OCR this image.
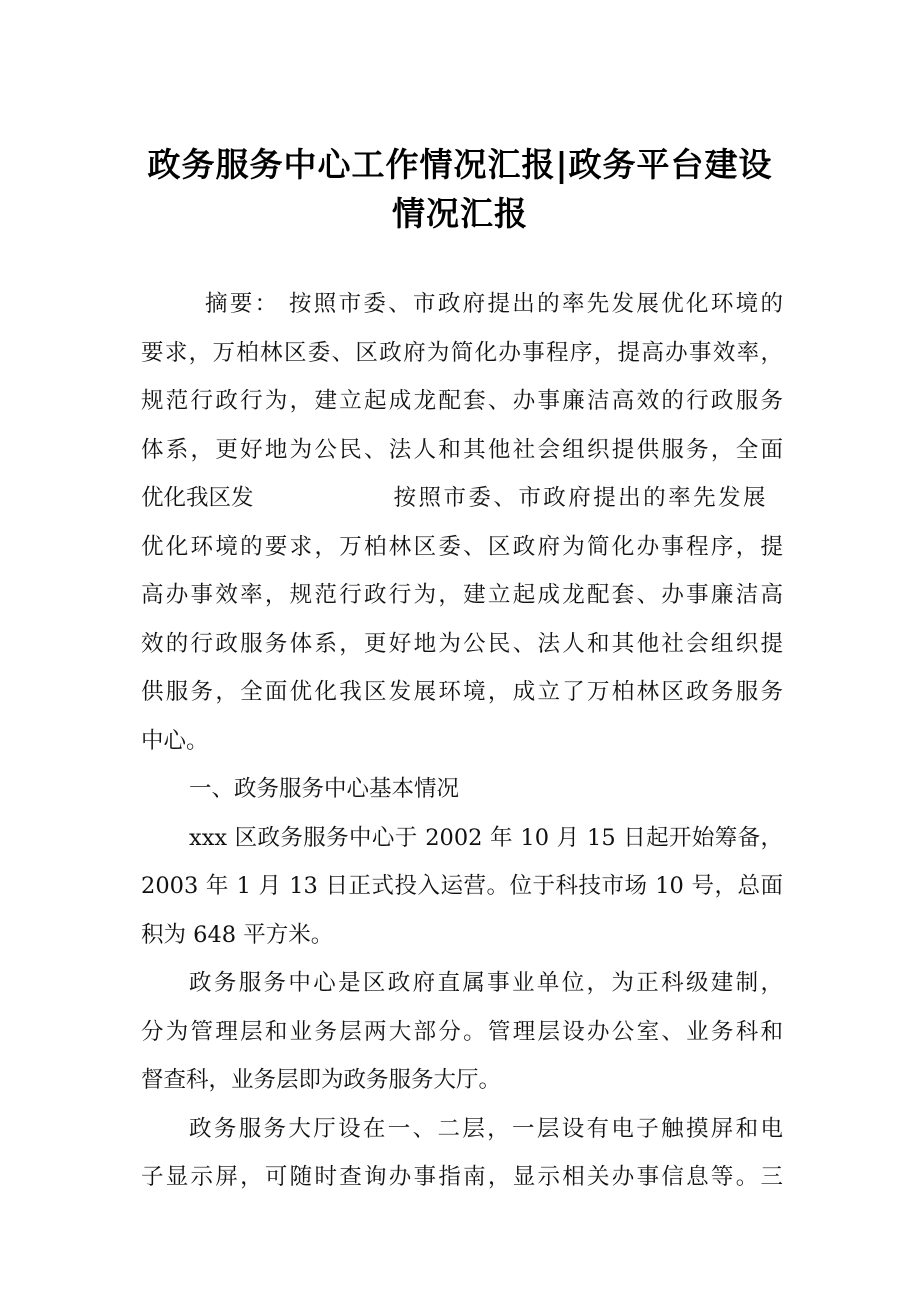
政务服务中心工作情况汇报|政务平台建设
情况汇报
摘要： 按照市委、市政府提出的率先发展优化环境的
要求，万柏林区委、区政府为简化办事程序，提高办事效率，
规范行政行为，建立起成龙配套、办事廉洁高效的行政服务
体系，更好地为公民、法人和其他社会组织提供服务，全面
优化我区发	按照市委、市政府提出的率先发展
优化环境的要求，万柏林区委、区政府为简化办事程序，提
高办事效率，规范行政行为，建立起成龙配套、办事廉洁高
效的行政服务体系，更好地为公民、法人和其他社会组织提
供服务，全面优化我区发展环境，成立了万柏林区政务服务
中心。
一、政务服务中心基本情况
xxx 区政务服务中心于 2002 年 10 月 15 日起开始筹备，
2003 年 1 月 13 日正式投入运营。位于科技市场 10 号，总面
积为 648 平方米。
政务服务中心是区政府直属事业单位，为正科级建制，
分为管理层和业务层两大部分。管理层设办公室、业务科和
督查科，业务层即为政务服务大厅。
政务服务大厅设在一、二层，一层设有电子触摸屏和电
子显示屏，可随时查询办事指南，显示相关办事信息等。三
